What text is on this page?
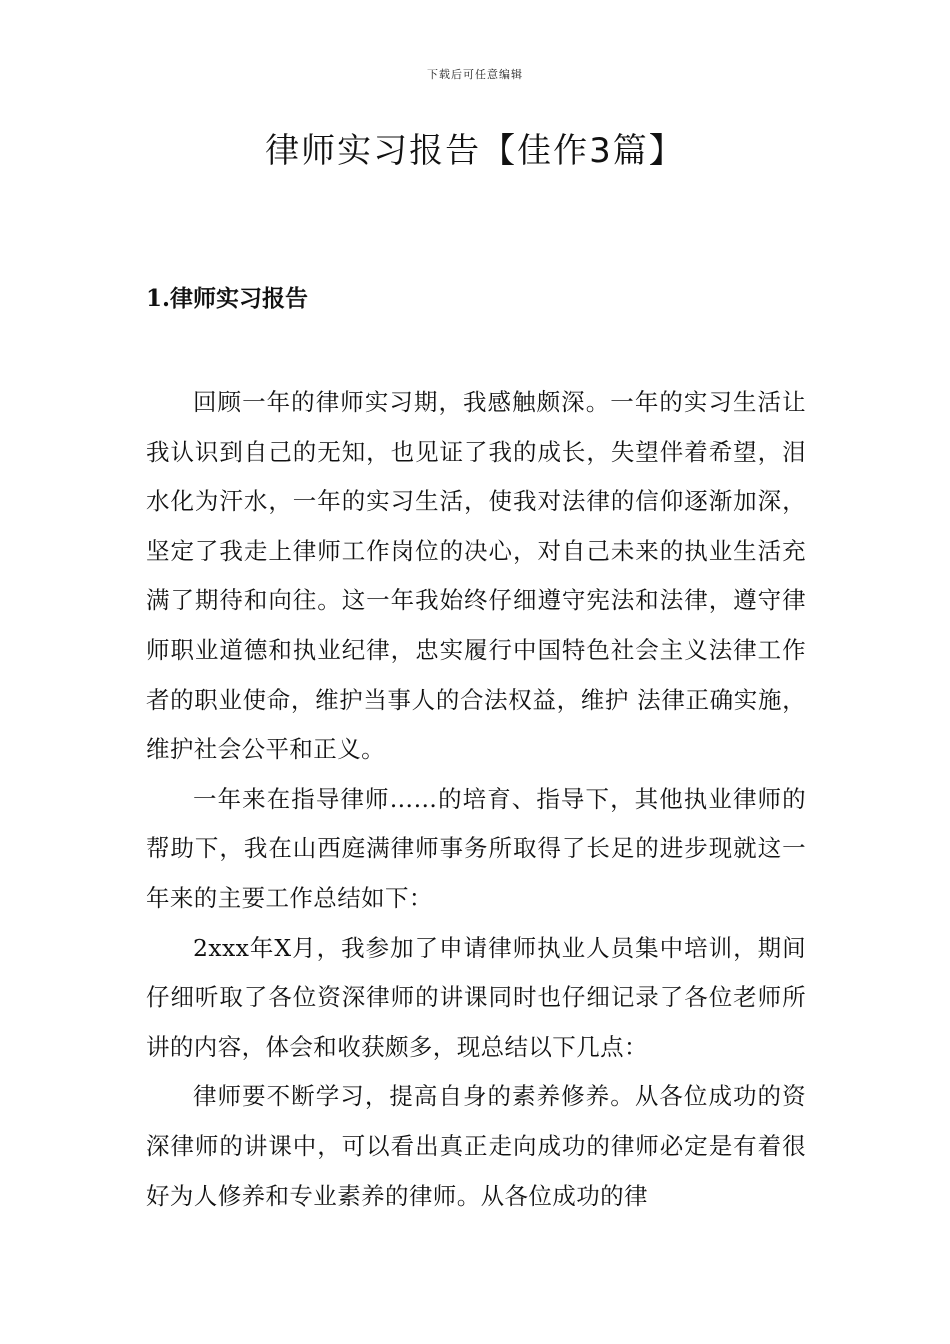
下载后可任意编辑
律师实习报告【佳作3篇】
1.律师实习报告

回顾一年的律师实习期，我感触颇深。一年的实习生活让我认识到自己的无知，也见证了我的成长，失望伴着希望，泪水化为汗水，一年的实习生活，使我对法律的信仰逐渐加深，坚定了我走上律师工作岗位的决心，对自己未来的执业生活充满了期待和向往。这一年我始终仔细遵守宪法和法律，遵守律师职业道德和执业纪律，忠实履行中国特色社会主义法律工作者的职业使命，维护当事人的合法权益，维护 法律正确实施，维护社会公平和正义。

一年来在指导律师……的培育、指导下，其他执业律师的帮助下，我在山西庭满律师事务所取得了长足的进步现就这一年来的主要工作总结如下：

2xxx年X月，我参加了申请律师执业人员集中培训，期间仔细听取了各位资深律师的讲课同时也仔细记录了各位老师所讲的内容，体会和收获颇多，现总结以下几点：

律师要不断学习，提高自身的素养修养。从各位成功的资深律师的讲课中，可以看出真正走向成功的律师必定是有着很好为人修养和专业素养的律师。从各位成功的律
